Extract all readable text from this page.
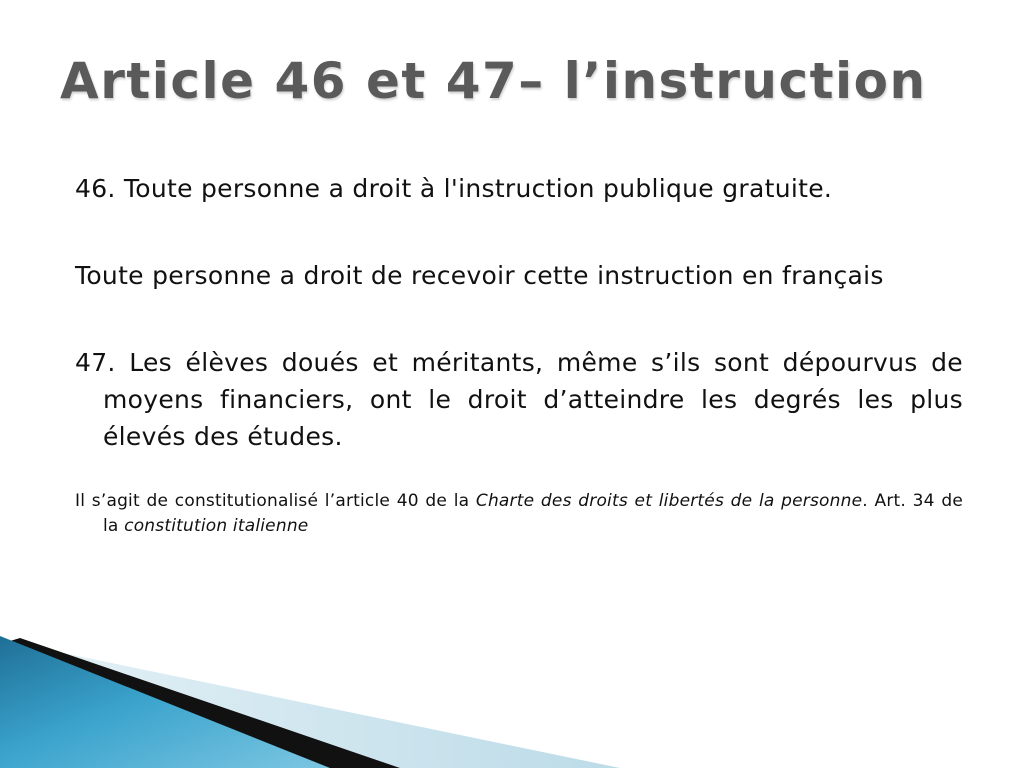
Article 46 et 47– l’instruction

46. Toute personne a droit à l'instruction publique gratuite.

Toute personne a droit de recevoir cette instruction en français

47. Les élèves doués et méritants, même s’ils sont dépourvus de moyens financiers, ont le droit d’atteindre les degrés les plus élevés des études.

Il s’agit de constitutionalisé l’article 40 de la Charte des droits et libertés de la personne. Art. 34 de la constitution italienne
